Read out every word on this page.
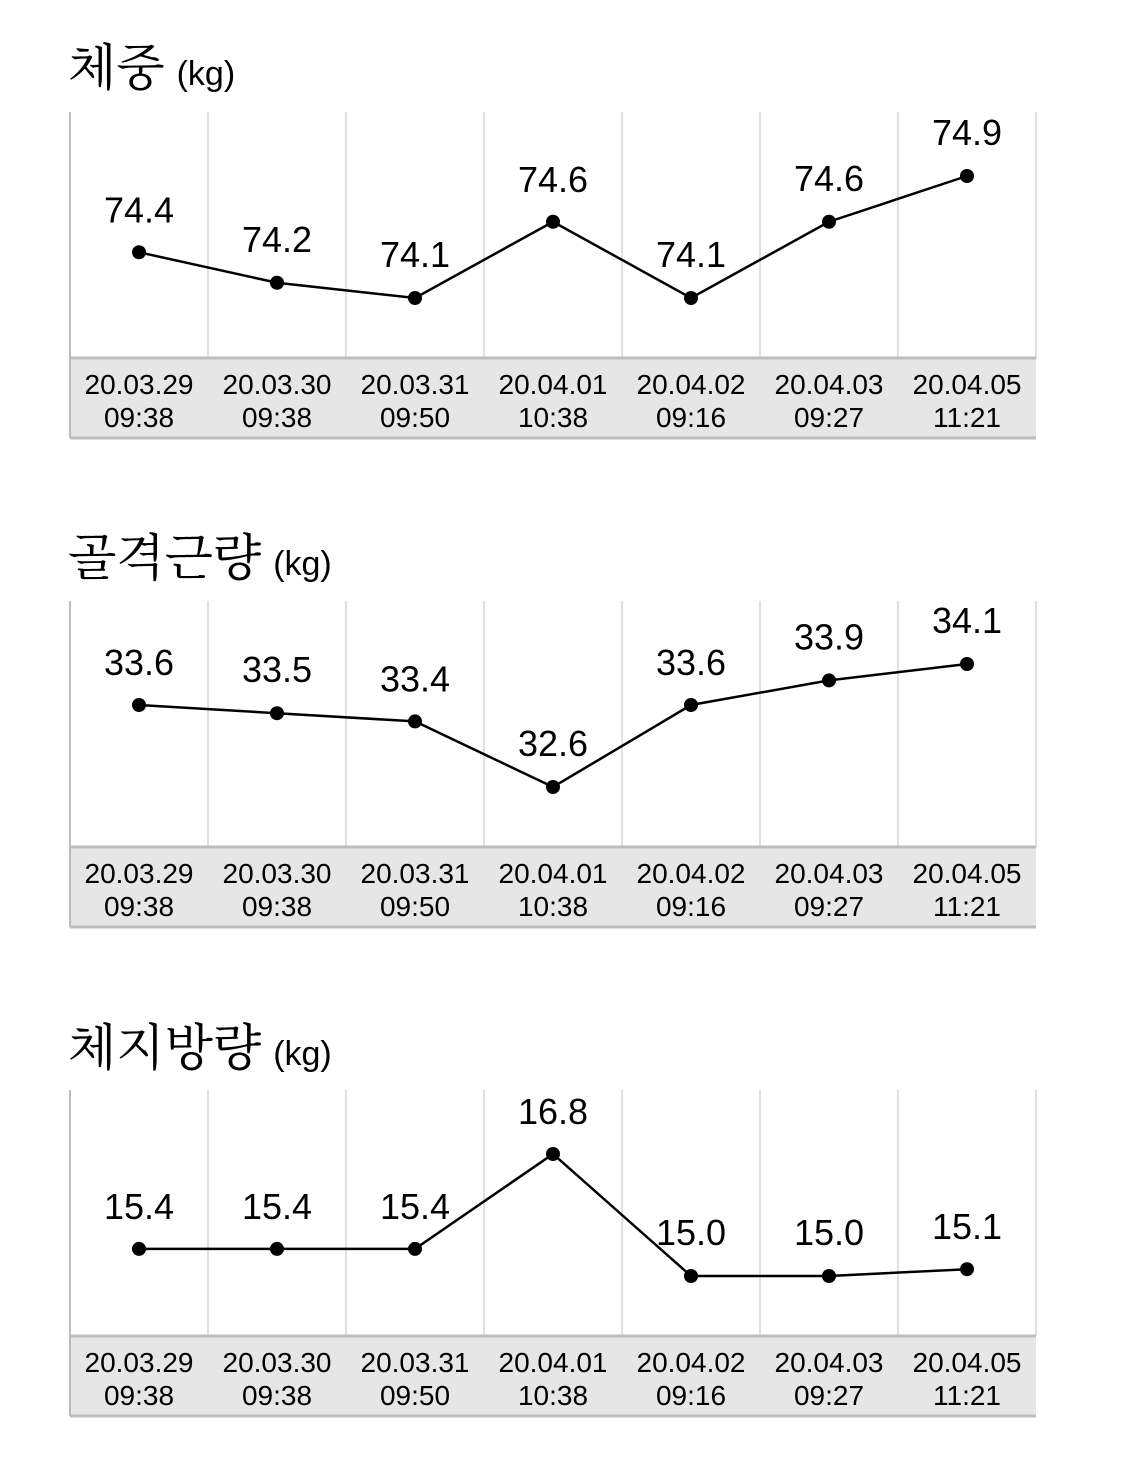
체중 (kg)
20.03.29
09:38
20.03.30
09:38
20.03.31
09:50
20.04.01
10:38
20.04.02
09:16
20.04.03
09:27
20.04.05
11:21
74.4
74.2 74.1
74.6
74.1
74.6
74.9
골격근량 (kg)
20.03.29
09:38
20.03.30
09:38
20.03.31
09:50
20.04.01
10:38
20.04.02
09:16
20.04.03
09:27
20.04.05
11:21
33.6 33.5 33.4
32.6
33.6
33.9 34.1
체지방량 (kg)
20.03.29
09:38
20.03.30
09:38
20.03.31
09:50
20.04.01
10:38
20.04.02
09:16
20.04.03
09:27
20.04.05
11:21
15.4 15.4 15.4
16.8
15.0 15.0 15.1
